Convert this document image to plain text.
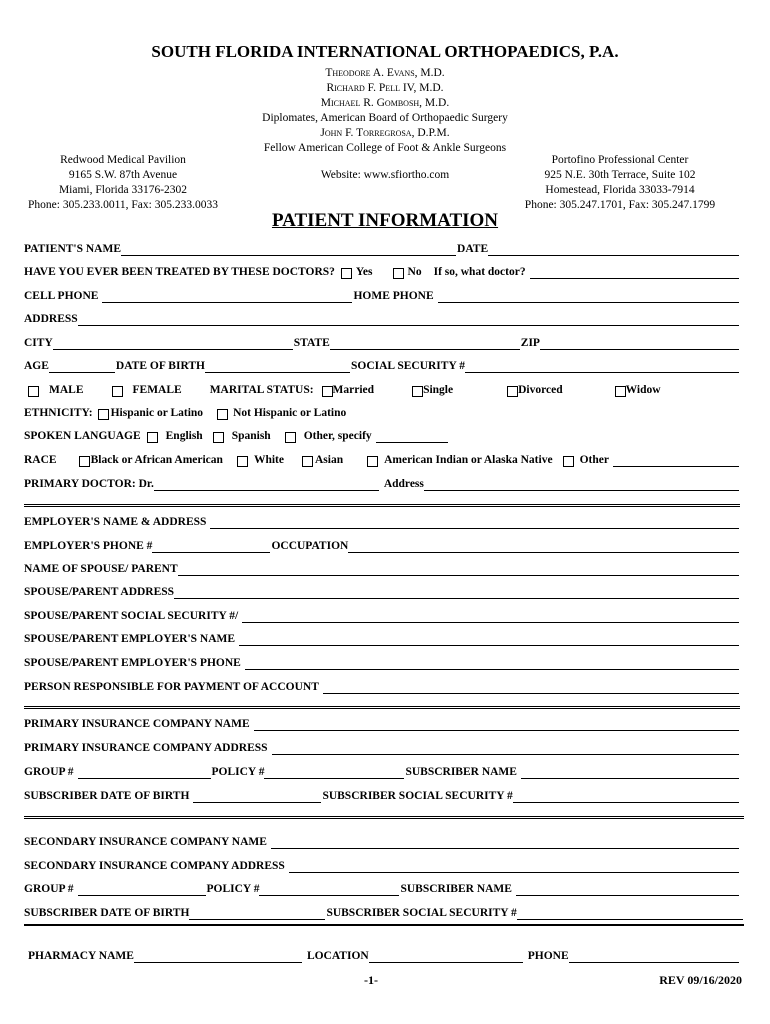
SOUTH FLORIDA INTERNATIONAL ORTHOPAEDICS, P.A.
Theodore A. Evans, M.D.
Richard F. Pell IV, M.D.
Michael R. Gombosh, M.D.
Diplomates, American Board of Orthopaedic Surgery
John F. Torregrosa, D.P.M.
Fellow American College of Foot & Ankle Surgeons
Website: www.sfiortho.com
Redwood Medical Pavilion
9165 S.W. 87th Avenue
Miami, Florida 33176-2302
Phone: 305.233.0011, Fax: 305.233.0033
Portofino Professional Center
925 N.E. 30th Terrace, Suite 102
Homestead, Florida 33033-7914
Phone: 305.247.1701, Fax: 305.247.1799
PATIENT INFORMATION
PATIENT'S NAME	DATE
HAVE YOU EVER BEEN TREATED BY THESE DOCTORS? Yes	No If so, what doctor?
CELL PHONE	HOME PHONE
ADDRESS
CITY	STATE	ZIP
AGE	DATE OF BIRTH	SOCIAL SECURITY #
MALE	FEMALE MARITAL STATUS: Married	Single	Divorced	Widow
ETHNICITY: Hispanic or Latino	Not Hispanic or Latino
SPOKEN LANGUAGE English	Spanish	Other, specify
RACE	Black or African American	White	Asian	American Indian or Alaska Native Other
PRIMARY DOCTOR: Dr.	Address
EMPLOYER'S NAME & ADDRESS
EMPLOYER'S PHONE #	OCCUPATION
NAME OF SPOUSE/ PARENT
SPOUSE/PARENT ADDRESS
SPOUSE/PARENT SOCIAL SECURITY #/
SPOUSE/PARENT EMPLOYER'S NAME
SPOUSE/PARENT EMPLOYER'S PHONE
PERSON RESPONSIBLE FOR PAYMENT OF ACCOUNT
PRIMARY INSURANCE COMPANY NAME
PRIMARY INSURANCE COMPANY ADDRESS
GROUP #	POLICY #	SUBSCRIBER NAME
SUBSCRIBER DATE OF BIRTH	SUBSCRIBER SOCIAL SECURITY #
SECONDARY INSURANCE COMPANY NAME
SECONDARY INSURANCE COMPANY ADDRESS
GROUP #	POLICY #	SUBSCRIBER NAME
SUBSCRIBER DATE OF BIRTH	SUBSCRIBER SOCIAL SECURITY #
PHARMACY NAME	LOCATION	PHONE
-1-	REV 09/16/2020
